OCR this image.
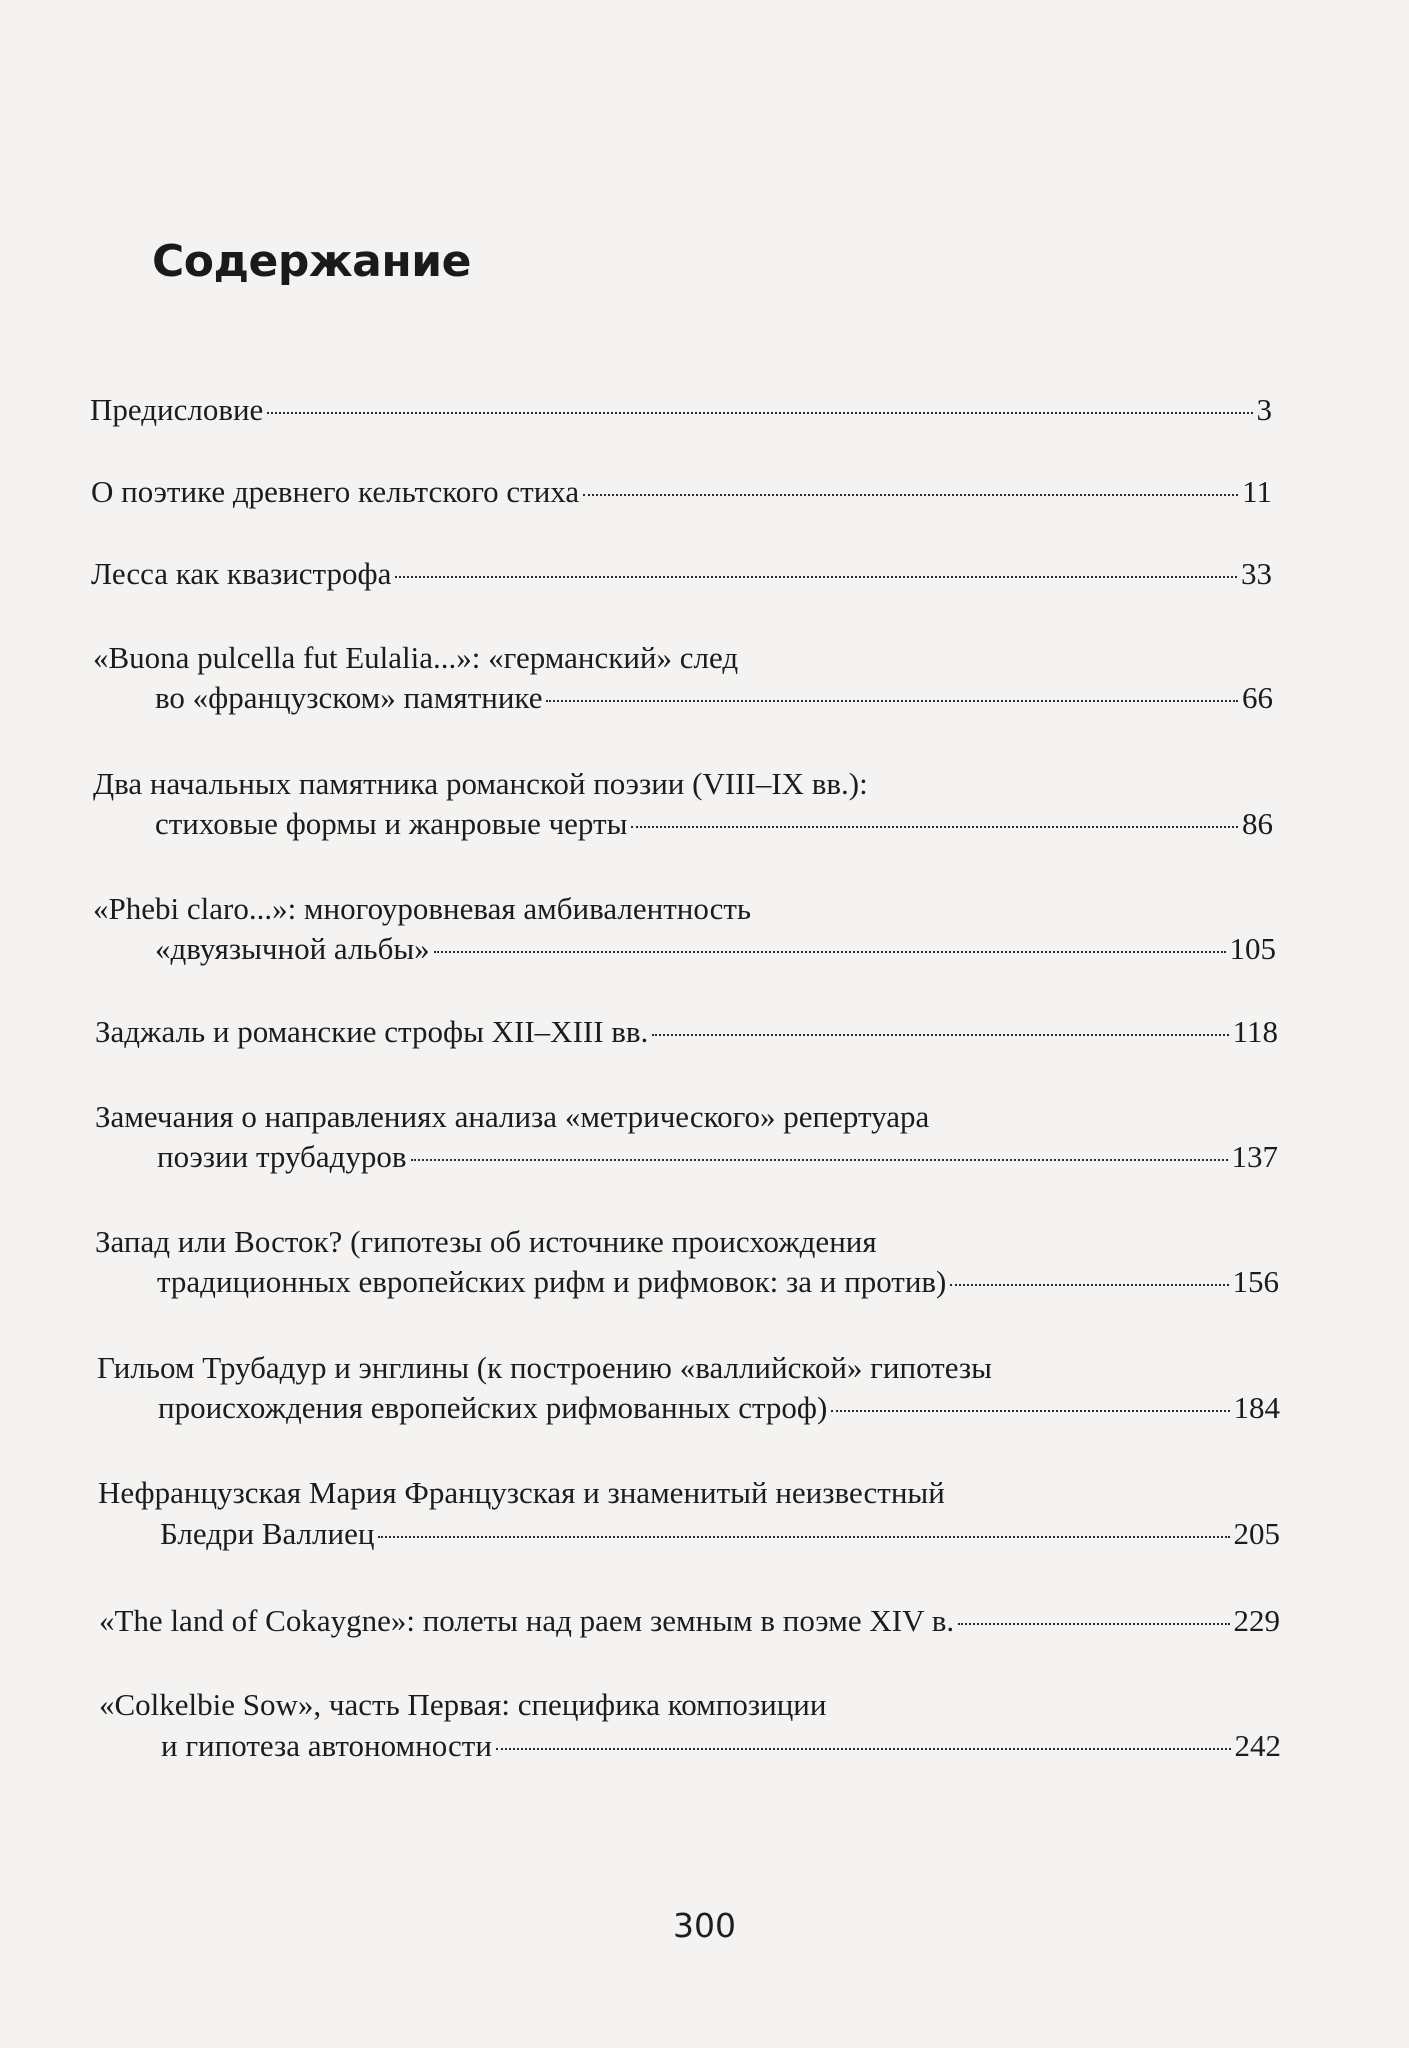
Содержание
Предисловие	3
О поэтике древнего кельтского стиха	11
Лесса как квазистрофа	33
«Buona pulcella fut Eulalia...»: «германский» след
во «французском» памятнике	66
Два начальных памятника романской поэзии (VIII–IX вв.):
стиховые формы и жанровые черты	86
«Phebi claro...»: многоуровневая амбивалентность
«двуязычной альбы»	105
Заджаль и романские строфы XII–XIII вв.	118
Замечания о направлениях анализа «метрического» репертуара
поэзии трубадуров	137
Запад или Восток? (гипотезы об источнике происхождения
традиционных европейских рифм и рифмовок: за и против)	156
Гильом Трубадур и энглины (к построению «валлийской» гипотезы
происхождения европейских рифмованных строф)	184
Нефранцузская Мария Французская и знаменитый неизвестный
Бледри Валлиец	205
«The land of Cokaygne»: полеты над раем земным в поэме XIV в.	229
«Colkelbie Sow», часть Первая: специфика композиции
и гипотеза автономности	242

300
